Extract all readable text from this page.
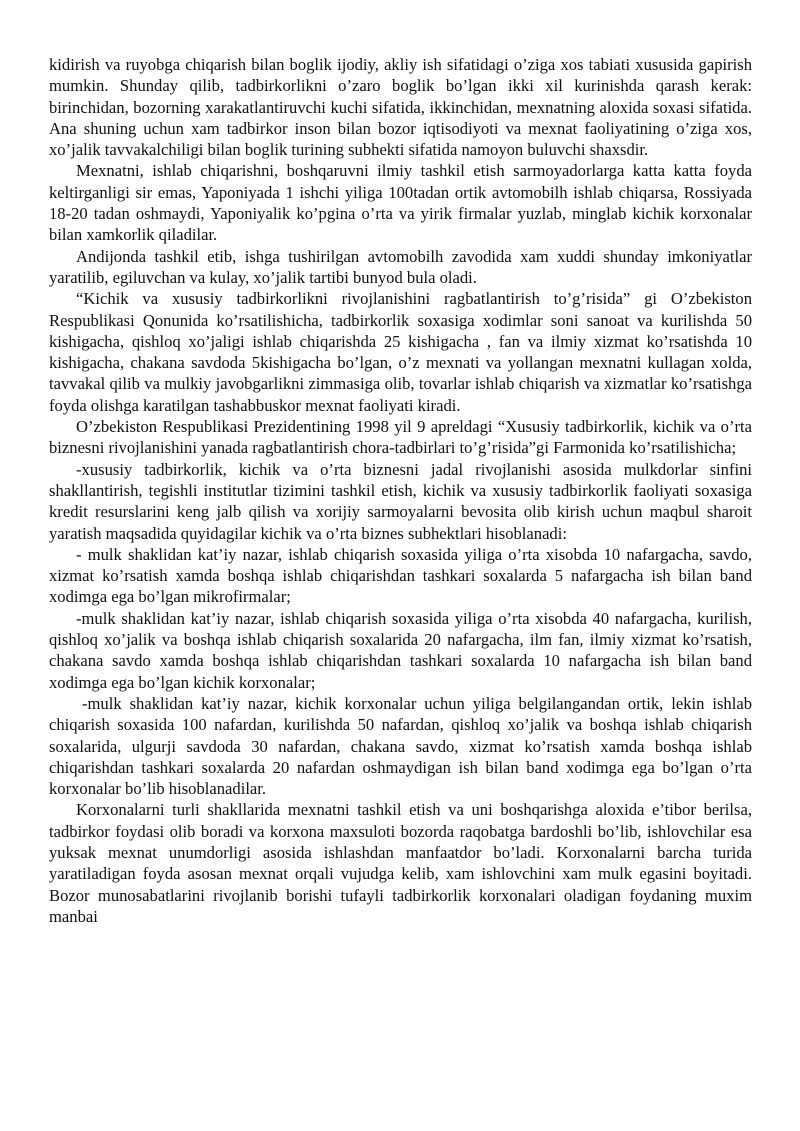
kidirish va ruyobga chiqarish bilan boglik ijodiy, akliy ish sifatidagi o’ziga xos tabiati xususida gapirish mumkin. Shunday qilib, tadbirkorlikni o’zaro boglik bo’lgan ikki xil kurinishda qarash kerak: birinchidan, bozorning xarakatlantiruvchi kuchi sifatida, ikkinchidan, mexnatning aloxida soxasi sifatida. Ana shuning uchun xam tadbirkor inson bilan bozor iqtisodiyoti va mexnat faoliyatining o’ziga xos, xo’jalik tavvakalchiligi bilan boglik turining subhekti sifatida namoyon buluvchi shaxsdir.

Mexnatni, ishlab chiqarishni, boshqaruvni ilmiy tashkil etish sarmoyadorlarga katta katta foyda keltirganligi sir emas, Yaponiyada 1 ishchi yiliga 100tadan ortik avtomobilh ishlab chiqarsa, Rossiyada 18-20 tadan oshmaydi, Yaponiyalik ko’pgina o’rta va yirik firmalar yuzlab, minglab kichik korxonalar bilan xamkorlik qiladilar.

Andijonda tashkil etib, ishga tushirilgan avtomobilh zavodida xam xuddi shunday imkoniyatlar yaratilib, egiluvchan va kulay, xo’jalik tartibi bunyod bula oladi.

“Kichik va xususiy tadbirkorlikni rivojlanishini ragbatlantirish to’g’risida” gi O’zbekiston Respublikasi Qonunida ko’rsatilishicha, tadbirkorlik soxasiga xodimlar soni sanoat va kurilishda 50 kishigacha, qishloq xo’jaligi ishlab chiqarishda 25 kishigacha , fan va ilmiy xizmat ko’rsatishda 10 kishigacha, chakana savdoda 5kishigacha bo’lgan, o’z mexnati va yollangan mexnatni kullagan xolda, tavvakal qilib va mulkiy javobgarlikni zimmasiga olib, tovarlar ishlab chiqarish va xizmatlar ko’rsatishga foyda olishga karatilgan tashabbuskor mexnat faoliyati kiradi.

O’zbekiston Respublikasi Prezidentining 1998 yil 9 apreldagi “Xususiy tadbirkorlik, kichik va o’rta biznesni rivojlanishini yanada ragbatlantirish chora-tadbirlari to’g’risida”gi Farmonida ko’rsatilishicha;

-xususiy tadbirkorlik, kichik va o’rta biznesni jadal rivojlanishi asosida mulkdorlar sinfini shakllantirish, tegishli institutlar tizimini tashkil etish, kichik va xususiy tadbirkorlik faoliyati soxasiga kredit resurslarini keng jalb qilish va xorijiy sarmoyalarni bevosita olib kirish uchun maqbul sharoit yaratish maqsadida quyidagilar kichik va o’rta biznes subhektlari hisoblanadi:

- mulk shaklidan kat’iy nazar, ishlab chiqarish soxasida yiliga o’rta xisobda 10 nafargacha, savdo, xizmat ko’rsatish xamda boshqa ishlab chiqarishdan tashkari soxalarda 5 nafargacha ish bilan band xodimga ega bo’lgan mikrofirmalar;

-mulk shaklidan kat’iy nazar, ishlab chiqarish soxasida yiliga o’rta xisobda 40 nafargacha, kurilish, qishloq xo’jalik va boshqa ishlab chiqarish soxalarida 20 nafargacha, ilm fan, ilmiy xizmat ko’rsatish, chakana savdo xamda boshqa ishlab chiqarishdan tashkari soxalarda 10 nafargacha ish bilan band xodimga ega bo’lgan kichik korxonalar;

-mulk shaklidan kat’iy nazar, kichik korxonalar uchun yiliga belgilangandan ortik, lekin ishlab chiqarish soxasida 100 nafardan, kurilishda 50 nafardan, qishloq xo’jalik va boshqa ishlab chiqarish soxalarida, ulgurji savdoda 30 nafardan, chakana savdo, xizmat ko’rsatish xamda boshqa ishlab chiqarishdan tashkari soxalarda 20 nafardan oshmaydigan ish bilan band xodimga ega bo’lgan o’rta korxonalar bo’lib hisoblanadilar.

Korxonalarni turli shakllarida mexnatni tashkil etish va uni boshqarishga aloxida e’tibor berilsa, tadbirkor foydasi olib boradi va korxona maxsuloti bozorda raqobatga bardoshli bo’lib, ishlovchilar esa yuksak mexnat unumdorligi asosida ishlashdan manfaatdor bo’ladi. Korxonalarni barcha turida yaratiladigan foyda asosan mexnat orqali vujudga kelib, xam ishlovchini xam mulk egasini boyitadi. Bozor munosabatlarini rivojlanib borishi tufayli tadbirkorlik korxonalari oladigan foydaning muxim manbai
